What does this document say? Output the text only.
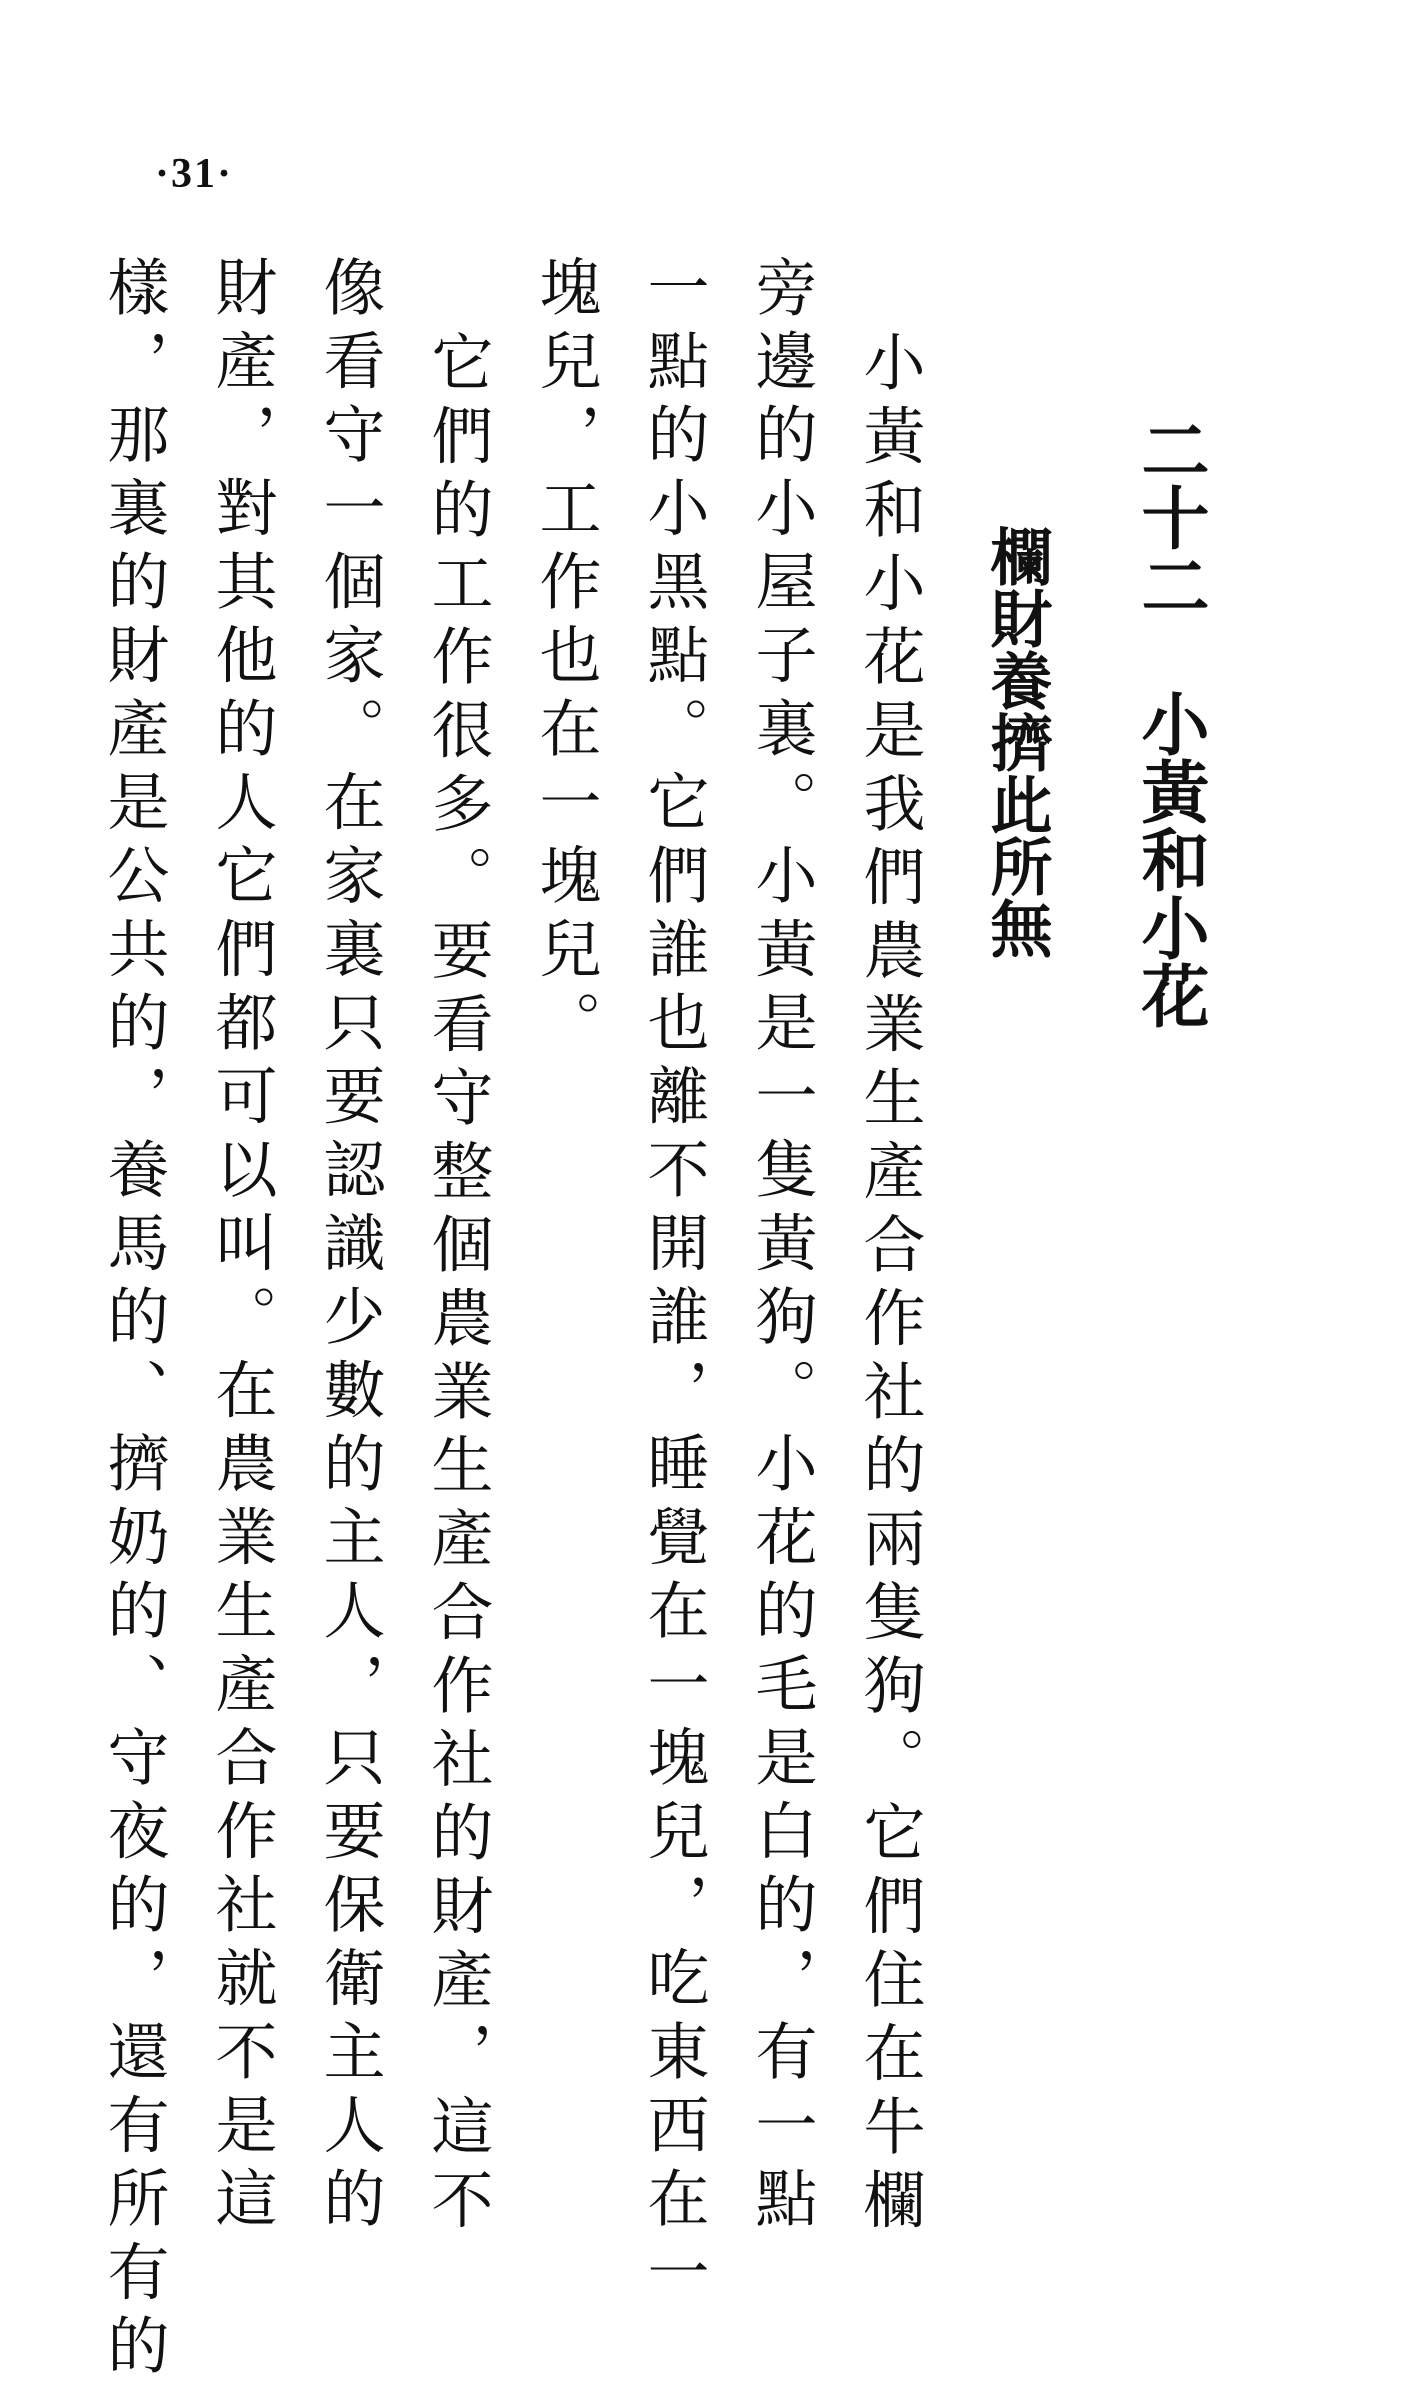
·31·
二十二小黃和小花
欄財養擠此所無
小黃和小花是我們農業生產合作社的兩隻狗。它們住在牛欄
旁邊的小屋子裏。小黃是一隻黃狗。小花的毛是白的，有一點
一點的小黑點。它們誰也離不開誰，睡覺在一塊兒，吃東西在一
塊兒，工作也在一塊兒。
它們的工作很多。要看守整個農業生產合作社的財產，這不
像看守一個家。在家裏只要認識少數的主人，只要保衛主人的
財產，對其他的人它們都可以叫。在農業生產合作社就不是這
樣，那裏的財產是公共的，養馬的、擠奶的、守夜的，還有所有的
